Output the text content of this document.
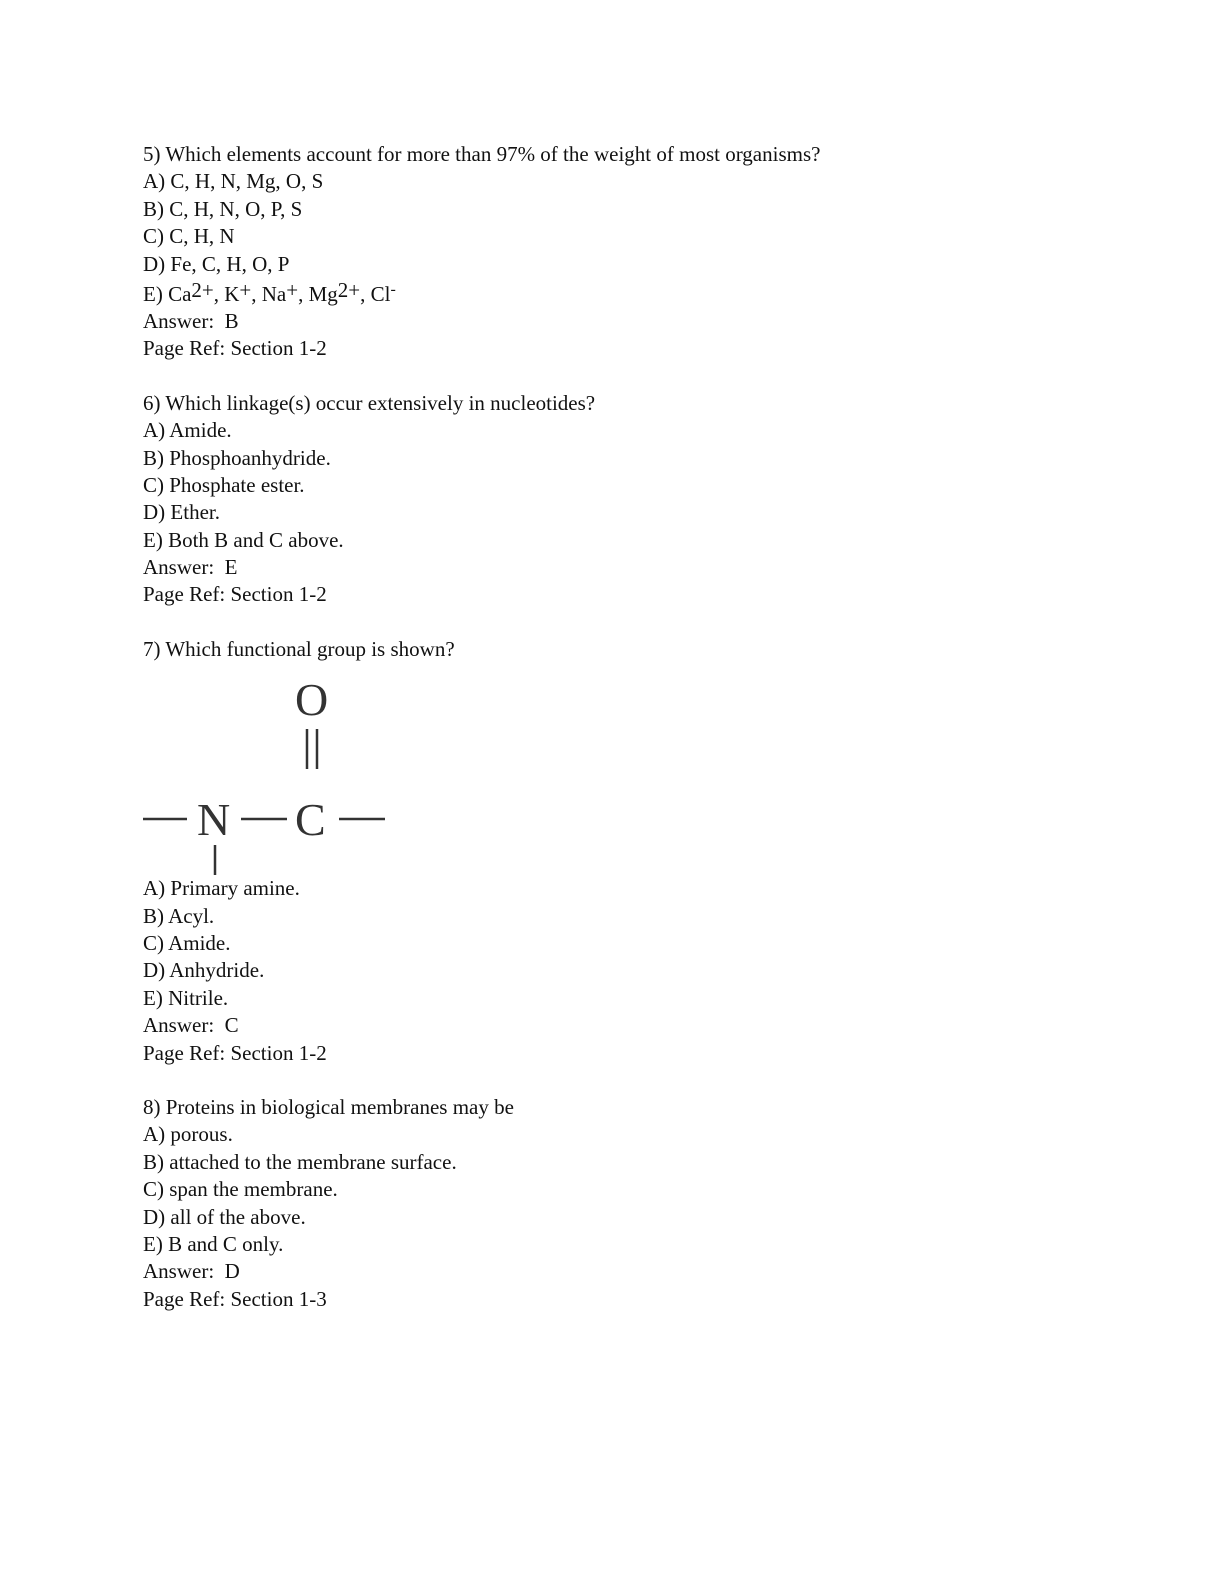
5) Which elements account for more than 97% of the weight of most organisms?
A) C, H, N, Mg, O, S
B) C, H, N, O, P, S
C) C, H, N
D) Fe, C, H, O, P
E) Ca2+, K+, Na+, Mg2+, Cl-
Answer:  B
Page Ref: Section 1-2
6) Which linkage(s) occur extensively in nucleotides?
A) Amide.
B) Phosphoanhydride.
C) Phosphate ester.
D) Ether.
E) Both B and C above.
Answer:  E
Page Ref: Section 1-2
7) Which functional group is shown?
O
N C
A) Primary amine.
B) Acyl.
C) Amide.
D) Anhydride.
E) Nitrile.
Answer:  C
Page Ref: Section 1-2
8) Proteins in biological membranes may be
A) porous.
B) attached to the membrane surface.
C) span the membrane.
D) all of the above.
E) B and C only.
Answer:  D
Page Ref: Section 1-3
